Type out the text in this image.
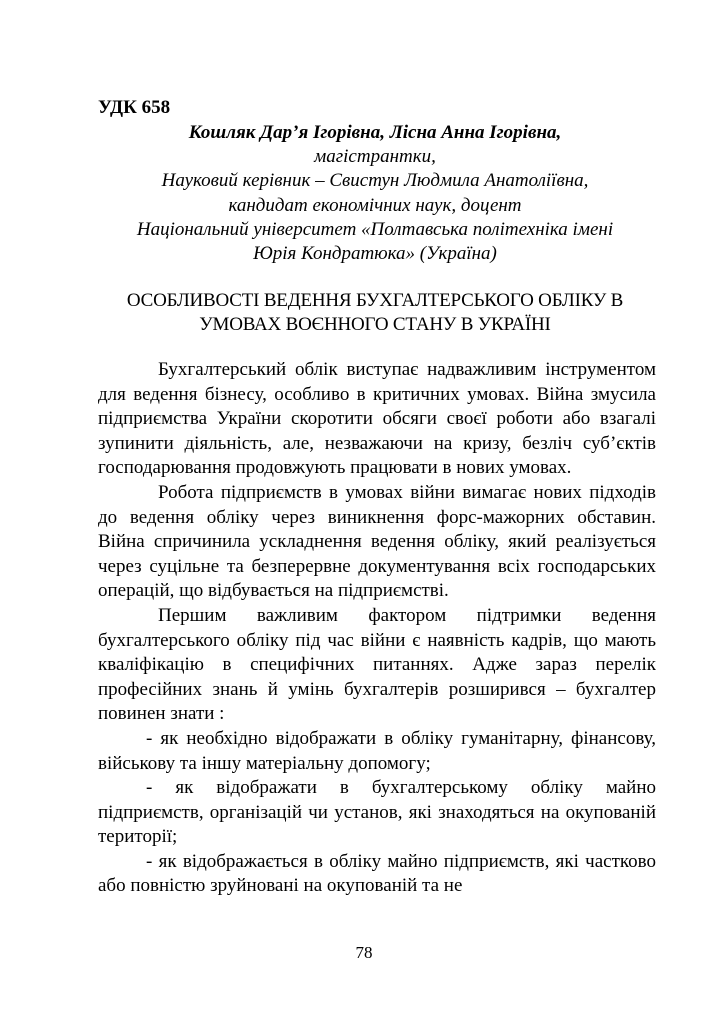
УДК 658

Кошляк Дар’я Ігорівна, Лісна Анна Ігорівна,
магістрантки,
Науковий керівник – Свистун Людмила Анатоліївна,
кандидат економічних наук, доцент
Національний університет «Полтавська політехніка імені
Юрія Кондратюка» (Україна)
ОСОБЛИВОСТІ ВЕДЕННЯ БУХГАЛТЕРСЬКОГО ОБЛІКУ В
УМОВАХ ВОЄННОГО СТАНУ В УКРАЇНІ

Бухгалтерський облік виступає надважливим інструментом для ведення бізнесу, особливо в критичних умовах. Війна змусила підприємства України скоротити обсяги своєї роботи або взагалі зупинити діяльність, але, незважаючи на кризу, безліч суб’єктів господарювання продовжують працювати в нових умовах.

Робота підприємств в умовах війни вимагає нових підходів до ведення обліку через виникнення форс-мажорних обставин. Війна спричинила ускладнення ведення обліку, який реалізується через суцільне та безперервне документування всіх господарських операцій, що відбувається на підприємстві.

Першим важливим фактором підтримки ведення бухгалтерського обліку під час війни є наявність кадрів, що мають кваліфікацію в специфічних питаннях. Адже зараз перелік професійних знань й умінь бухгалтерів розширився – бухгалтер повинен знати :

- як необхідно відображати в обліку гуманітарну, фінансову, військову та іншу матеріальну допомогу;

- як відображати в бухгалтерському обліку майно підприємств, організацій чи установ, які знаходяться на окупованій території;

- як відображається в обліку майно підприємств, які частково або повністю зруйновані на окупованій та не

78
